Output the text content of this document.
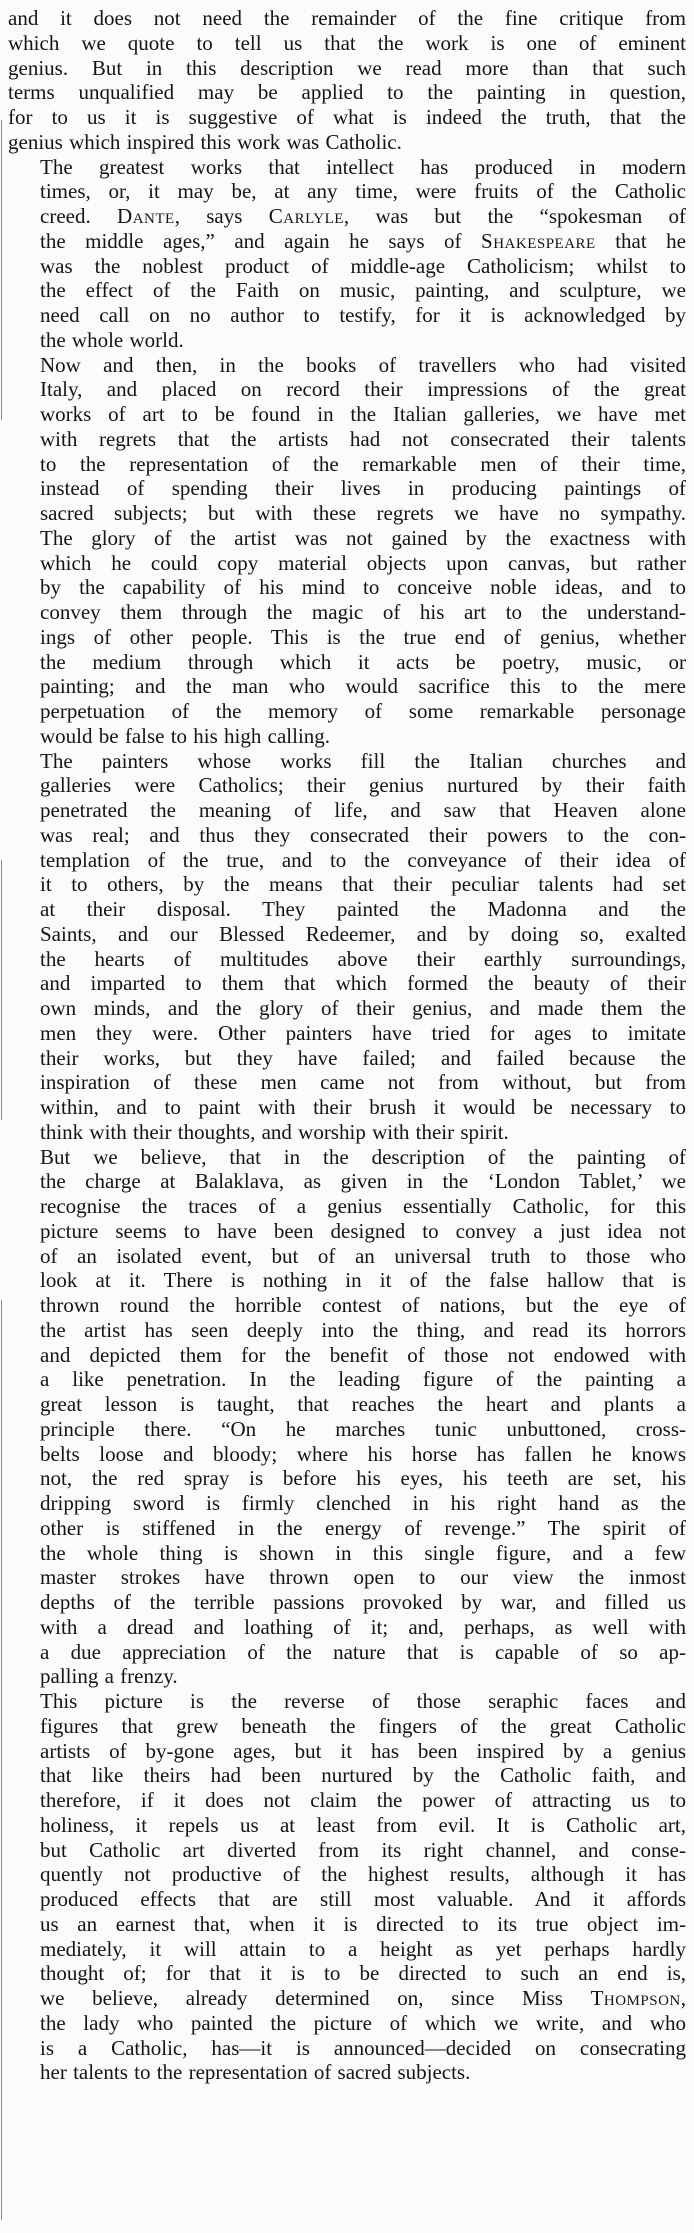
and it does not need the remainder of the fine critique from
which we quote to tell us that the work is one of eminent
genius. But in this description we read more than that such
terms unqualified may be applied to the painting in question,
for to us it is suggestive of what is indeed the truth, that the
genius which inspired this work was Catholic.

The greatest works that intellect has produced in modern
times, or, it may be, at any time, were fruits of the Catholic
creed. Dante, says Carlyle, was but the “spokesman of
the middle ages,” and again he says of Shakespeare that he
was the noblest product of middle-age Catholicism; whilst to
the effect of the Faith on music, painting, and sculpture, we
need call on no author to testify, for it is acknowledged by
the whole world.

Now and then, in the books of travellers who had visited
Italy, and placed on record their impressions of the great
works of art to be found in the Italian galleries, we have met
with regrets that the artists had not consecrated their talents
to the representation of the remarkable men of their time,
instead of spending their lives in producing paintings of
sacred subjects; but with these regrets we have no sympathy.
The glory of the artist was not gained by the exactness with
which he could copy material objects upon canvas, but rather
by the capability of his mind to conceive noble ideas, and to
convey them through the magic of his art to the understand-
ings of other people. This is the true end of genius, whether
the medium through which it acts be poetry, music, or
painting; and the man who would sacrifice this to the mere
perpetuation of the memory of some remarkable personage
would be false to his high calling.

The painters whose works fill the Italian churches and
galleries were Catholics; their genius nurtured by their faith
penetrated the meaning of life, and saw that Heaven alone
was real; and thus they consecrated their powers to the con-
templation of the true, and to the conveyance of their idea of
it to others, by the means that their peculiar talents had set
at their disposal. They painted the Madonna and the
Saints, and our Blessed Redeemer, and by doing so, exalted
the hearts of multitudes above their earthly surroundings,
and imparted to them that which formed the beauty of their
own minds, and the glory of their genius, and made them the
men they were. Other painters have tried for ages to imitate
their works, but they have failed; and failed because the
inspiration of these men came not from without, but from
within, and to paint with their brush it would be necessary to
think with their thoughts, and worship with their spirit.

But we believe, that in the description of the painting of
the charge at Balaklava, as given in the ‘London Tablet,’ we
recognise the traces of a genius essentially Catholic, for this
picture seems to have been designed to convey a just idea not
of an isolated event, but of an universal truth to those who
look at it. There is nothing in it of the false hallow that is
thrown round the horrible contest of nations, but the eye of
the artist has seen deeply into the thing, and read its horrors
and depicted them for the benefit of those not endowed with
a like penetration. In the leading figure of the painting a
great lesson is taught, that reaches the heart and plants a
principle there. “On he marches tunic unbuttoned, cross-
belts loose and bloody; where his horse has fallen he knows
not, the red spray is before his eyes, his teeth are set, his
dripping sword is firmly clenched in his right hand as the
other is stiffened in the energy of revenge.” The spirit of
the whole thing is shown in this single figure, and a few
master strokes have thrown open to our view the inmost
depths of the terrible passions provoked by war, and filled us
with a dread and loathing of it; and, perhaps, as well with
a due appreciation of the nature that is capable of so ap-
palling a frenzy.

This picture is the reverse of those seraphic faces and
figures that grew beneath the fingers of the great Catholic
artists of by-gone ages, but it has been inspired by a genius
that like theirs had been nurtured by the Catholic faith, and
therefore, if it does not claim the power of attracting us to
holiness, it repels us at least from evil. It is Catholic art,
but Catholic art diverted from its right channel, and conse-
quently not productive of the highest results, although it has
produced effects that are still most valuable. And it affords
us an earnest that, when it is directed to its true object im-
mediately, it will attain to a height as yet perhaps hardly
thought of; for that it is to be directed to such an end is,
we believe, already determined on, since Miss Thompson,
the lady who painted the picture of which we write, and who
is a Catholic, has—it is announced—decided on consecrating
her talents to the representation of sacred subjects.
